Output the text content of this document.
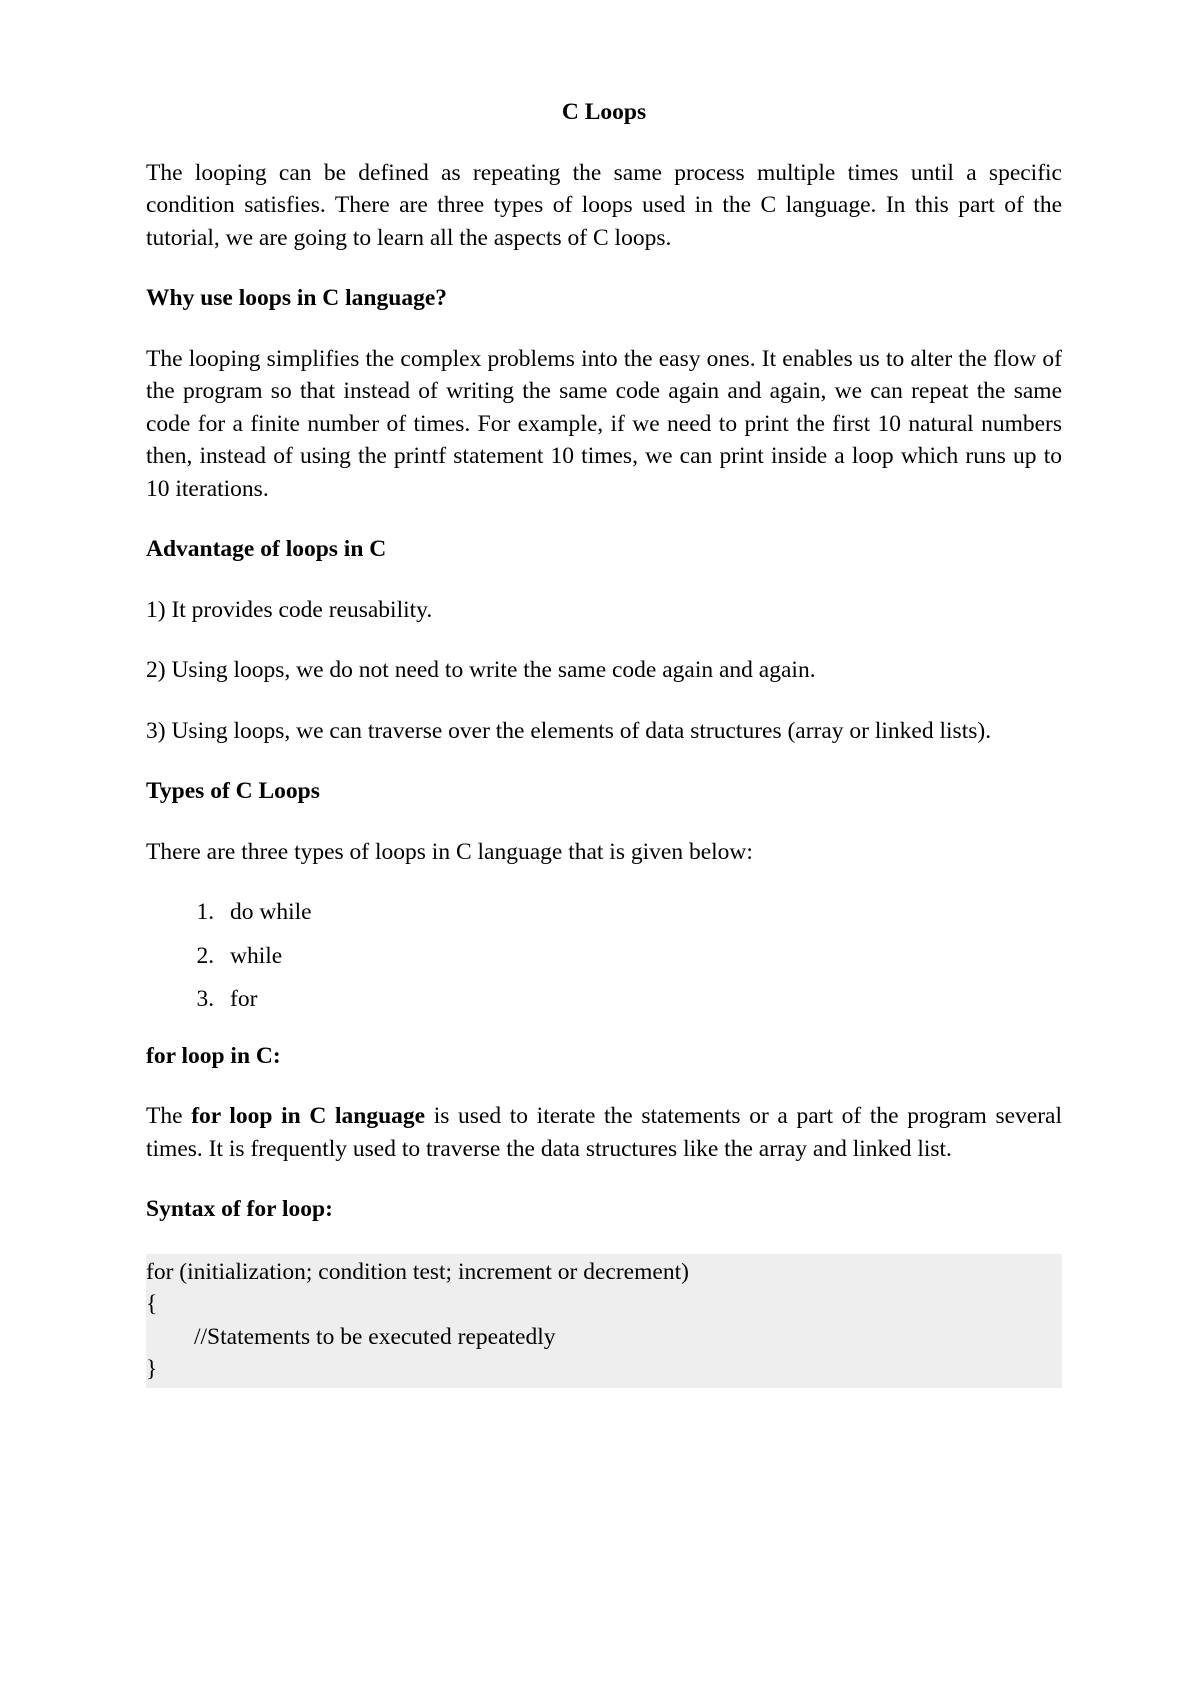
C Loops

The looping can be defined as repeating the same process multiple times until a specific condition satisfies. There are three types of loops used in the C language. In this part of the tutorial, we are going to learn all the aspects of C loops.

Why use loops in C language?

The looping simplifies the complex problems into the easy ones. It enables us to alter the flow of the program so that instead of writing the same code again and again, we can repeat the same code for a finite number of times. For example, if we need to print the first 10 natural numbers then, instead of using the printf statement 10 times, we can print inside a loop which runs up to 10 iterations.

Advantage of loops in C

1) It provides code reusability.

2) Using loops, we do not need to write the same code again and again.

3) Using loops, we can traverse over the elements of data structures (array or linked lists).

Types of C Loops

There are three types of loops in C language that is given below:

1. do while
2. while
3. for
for loop in C:

The for loop in C language is used to iterate the statements or a part of the program several times. It is frequently used to traverse the data structures like the array and linked list.

Syntax of for loop:
for (initialization; condition test; increment or decrement)
{
//Statements to be executed repeatedly
}
